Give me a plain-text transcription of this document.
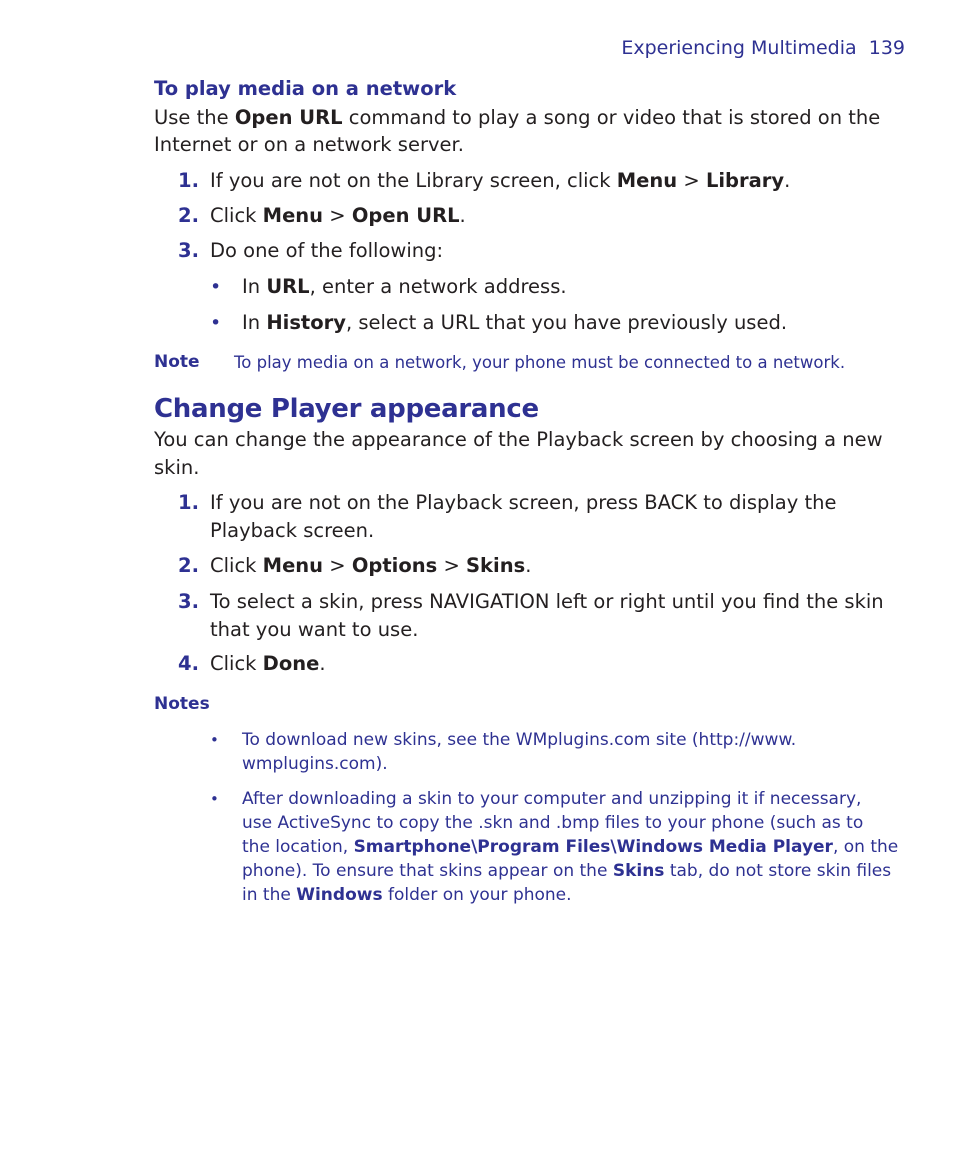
Experiencing Multimedia 139
To play media on a network
Use the Open URL command to play a song or video that is stored on the
Internet or on a network server.
1. If you are not on the Library screen, click Menu > Library.
2. Click Menu > Open URL.
3. Do one of the following:
• In URL, enter a network address.
• In History, select a URL that you have previously used.
Note To play media on a network, your phone must be connected to a network.
Change Player appearance
You can change the appearance of the Playback screen by choosing a new
skin.
1. If you are not on the Playback screen, press BACK to display the
Playback screen.
2. Click Menu > Options > Skins.
3. To select a skin, press NAVIGATION left or right until you find the skin
that you want to use.
4. Click Done.
Notes
• To download new skins, see the WMplugins.com site (http://www.
wmplugins.com).
• After downloading a skin to your computer and unzipping it if necessary,
use ActiveSync to copy the .skn and .bmp files to your phone (such as to
the location, Smartphone\Program Files\Windows Media Player, on the
phone). To ensure that skins appear on the Skins tab, do not store skin files
in the Windows folder on your phone.
